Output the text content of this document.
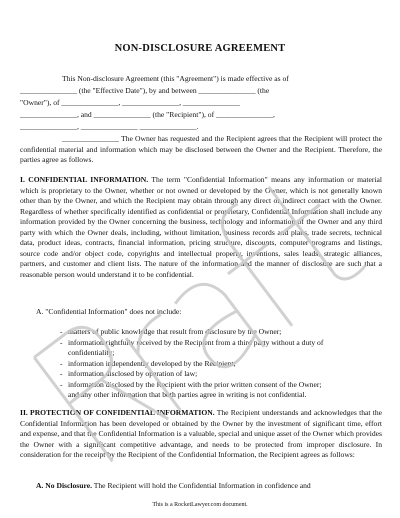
NON-DISCLOSURE AGREEMENT
This Non-disclosure Agreement (this "Agreement") is made effective as of
_______________ (the "Effective Date"), by and between _______________ (the
"Owner"), of _______________, _______________, _______________
_______________, and _______________ (the "Recipient"), of _______________,
_______________, _______________ _______________.
_______________ The Owner has requested and the Recipient agrees that the Recipient will protect the confidential material and information which may be disclosed between the Owner and the Recipient. Therefore, the parties agree as follows.
I. CONFIDENTIAL INFORMATION. The term "Confidential Information" means any information or material which is proprietary to the Owner, whether or not owned or developed by the Owner, which is not generally known other than by the Owner, and which the Recipient may obtain through any direct or indirect contact with the Owner. Regardless of whether specifically identified as confidential or proprietary, Confidential Information shall include any information provided by the Owner concerning the business, technology and information of the Owner and any third party with which the Owner deals, including, without limitation, business records and plans, trade secrets, technical data, product ideas, contracts, financial information, pricing structure, discounts, computer programs and listings, source code and/or object code, copyrights and intellectual property, inventions, sales leads, strategic alliances, partners, and customer and client lists. The nature of the information and the manner of disclosure are such that a reasonable person would understand it to be confidential.
A. "Confidential Information" does not include:
- matters of public knowledge that result from disclosure by the Owner;
- information rightfully received by the Recipient from a third party without a duty of
confidentiality;
- information independently developed by the Recipient;
- information disclosed by operation of law;
- information disclosed by the Recipient with the prior written consent of the Owner;
and any other information that both parties agree in writing is not confidential.
II. PROTECTION OF CONFIDENTIAL INFORMATION. The Recipient understands and acknowledges that the Confidential Information has been developed or obtained by the Owner by the investment of significant time, effort and expense, and that the Confidential Information is a valuable, special and unique asset of the Owner which provides the Owner with a significant competitive advantage, and needs to be protected from improper disclosure. In consideration for the receipt by the Recipient of the Confidential Information, the Recipient agrees as follows:
A. No Disclosure. The Recipient will hold the Confidential Information in confidence and
This is a RocketLawyer.com document.
